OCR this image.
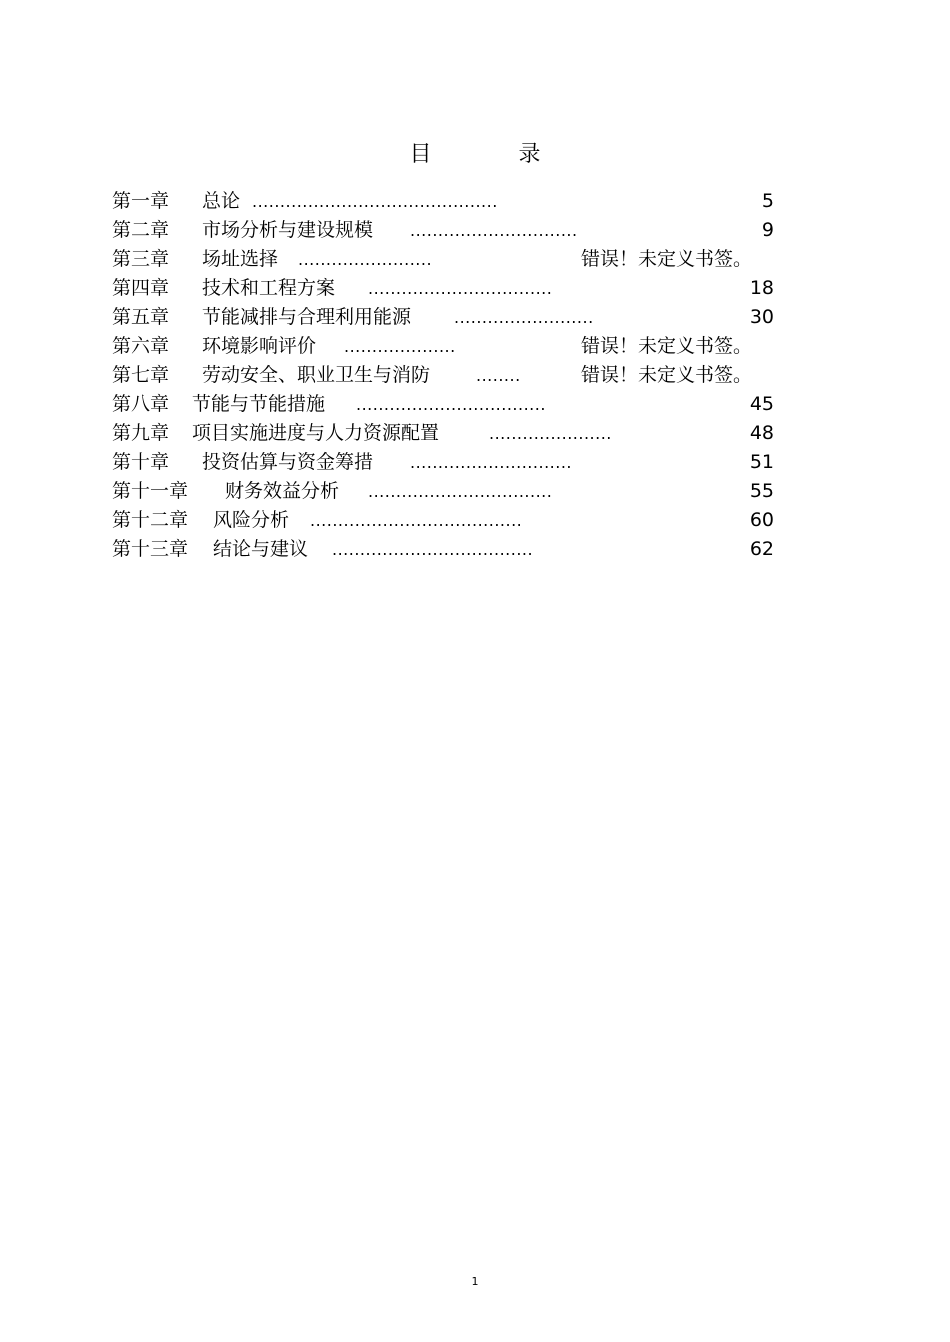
目 录
第一章 总论 ............................................	5
第二章 市场分析与建设规模 ..............................	9
第三章 场址选择 ........................	错误！未定义书签。
第四章 技术和工程方案 .................................	18
第五章 节能减排与合理利用能源	.........................	30
第六章 环境影响评价 ....................	错误！未定义书签。
第七章 劳动安全、职业卫生与消防	........	错误！未定义书签。
第八章 节能与节能措施 ..................................	45
第九章 项目实施进度与人力资源配置	......................	48
第十章 投资估算与资金筹措 .............................	51
第十一章 财务效益分析 .................................	55
第十二章 风险分析 ......................................	60
第十三章 结论与建议 ....................................	62
1
